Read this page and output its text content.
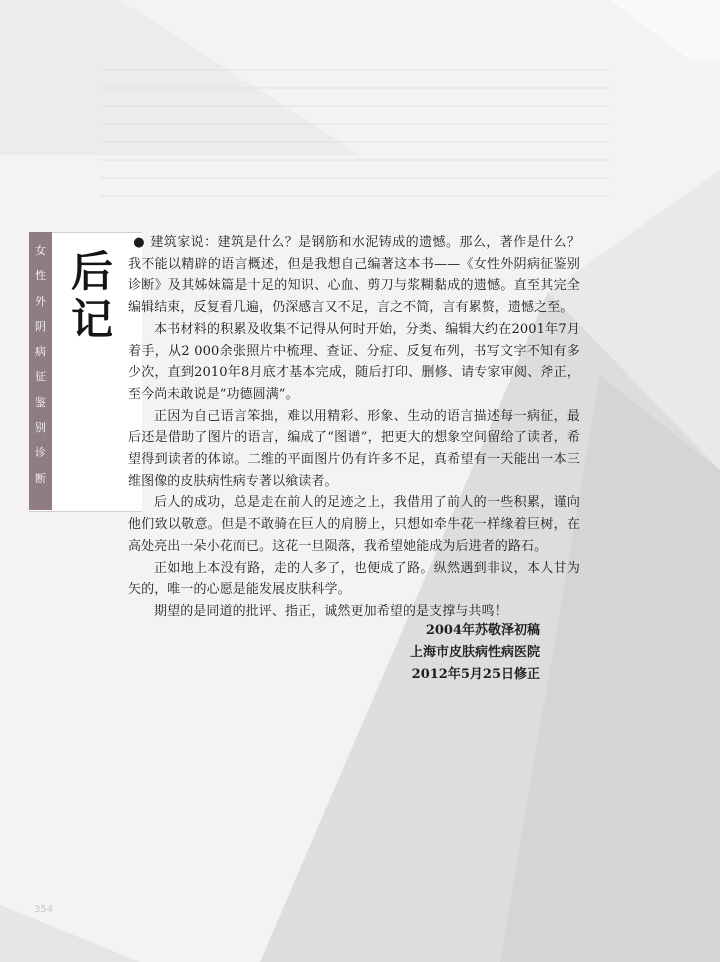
女
性
外
阴
病
征
鉴
别
诊
断
后
记

● 建筑家说：建筑是什么？是钢筋和水泥铸成的遗憾。那么，著作是什么？我不能以精辟的语言概述，但是我想自己编著这本书——《女性外阴病征鉴别诊断》及其姊妹篇是十足的知识、心血、剪刀与浆糊黏成的遗憾。直至其完全编辑结束，反复看几遍，仍深感言又不足，言之不简，言有累赘，遗憾之至。

本书材料的积累及收集不记得从何时开始，分类、编辑大约在2001年7月着手，从2 000余张照片中梳理、查证、分症、反复布列，书写文字不知有多少次，直到2010年8月底才基本完成，随后打印、删修、请专家审阅、斧正，至今尚未敢说是“功德圆满”。

正因为自己语言笨拙，难以用精彩、形象、生动的语言描述每一病征，最后还是借助了图片的语言，编成了“图谱”，把更大的想象空间留给了读者，希望得到读者的体谅。二维的平面图片仍有许多不足，真希望有一天能出一本三维图像的皮肤病性病专著以飨读者。

后人的成功，总是走在前人的足迹之上，我借用了前人的一些积累，谨向他们致以敬意。但是不敢骑在巨人的肩膀上，只想如牵牛花一样缘着巨树，在高处亮出一朵小花而已。这花一旦陨落，我希望她能成为后进者的路石。

正如地上本没有路，走的人多了，也便成了路。纵然遇到非议，本人甘为矢的，唯一的心愿是能发展皮肤科学。

期望的是同道的批评、指正，诚然更加希望的是支撑与共鸣！

2004年苏敬泽初稿
上海市皮肤病性病医院
2012年5月25日修正
354
